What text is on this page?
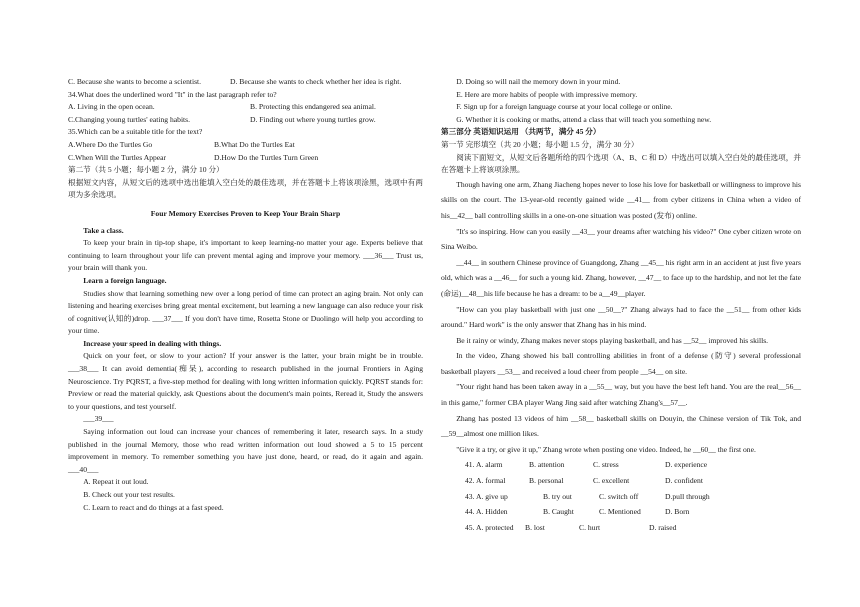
C. Because she wants to become a scientist.	D. Because she wants to check whether her idea is right.

34.What does the underlined word "It" in the last paragraph refer to?

A. Living in the open ocean.	B. Protecting this endangered sea animal.
C.Changing young turtles' eating habits.	D. Finding out where young turtles grow.

35.Which can be a suitable title for the text?

A.Where Do the Turtles Go	B.What Do the Turtles Eat
C.When Will the Turtles Appear	D.How Do the Turtles Turn Green

第二节（共 5 小题；每小题 2 分，满分 10 分）

根据短文内容，从短文后的选项中选出能填入空白处的最佳选项，并在答题卡上将该项涂黑，选项中有两项为多余选项。

Four Memory Exercises Proven to Keep Your Brain Sharp

Take a class.

To keep your brain in tip-top shape, it's important to keep learning-no matter your age. Experts believe that continuing to learn throughout your life can prevent mental aging and improve your memory. ___36___ Trust us, your brain will thank you.

Learn a foreign language.

Studies show that learning something new over a long period of time can protect an aging brain. Not only can listening and hearing exercises bring great mental excitement, but learning a new language can also reduce your risk of cognitive(认知的)drop. ___37___ If you don't have time, Rosetta Stone or Duolingo will help you according to your time.

Increase your speed in dealing with things.

Quick on your feet, or slow to your action? If your answer is the latter, your brain might be in trouble. ___38___ It can avoid dementia(痴呆), according to research published in the journal Frontiers in Aging Neuroscience. Try PQRST, a five-step method for dealing with long written information quickly. PQRST stands for: Preview or read the material quickly, ask Questions about the document's main points, Reread it, Study the answers to your questions, and test yourself.

___39___

Saying information out loud can increase your chances of remembering it later, research says. In a study published in the journal Memory, those who read written information out loud showed a 5 to 15 percent improvement in memory. To remember something you have just done, heard, or read, do it again and again. ___40___

A. Repeat it out loud.

B. Check out your test results.

C. Learn to react and do things at a fast speed.

D. Doing so will nail the memory down in your mind.

E. Here are more habits of people with impressive memory.

F. Sign up for a foreign language course at your local college or online.

G. Whether it is cooking or maths, attend a class that will teach you something new.

第三部分 英语知识运用 （共两节，满分 45 分）

第一节 完形填空（共 20 小题；每小题 1.5 分，满分 30 分）

阅读下面短文，从短文后各题所给的四个选项（A、B、C 和 D）中选出可以填入空白处的最佳选项，并在答题卡上将该项涂黑。

Though having one arm, Zhang Jiacheng hopes never to lose his love for basketball or willingness to improve his skills on the court. The 13-year-old recently gained wide __41__ from cyber citizens in China when a video of his__42__ ball controlling skills in a one-on-one situation was posted (发布) online.

"It's so inspiring. How can you easily __43__ your dreams after watching his video?" One cyber citizen wrote on Sina Weibo.

__44__ in southern Chinese province of Guangdong, Zhang __45__ his right arm in an accident at just five years old, which was a __46__ for such a young kid. Zhang, however, __47__ to face up to the hardship, and not let the fate (命运)__48__his life because he has a dream: to be a__49__player.

"How can you play basketball with just one __50__?" Zhang always had to face the __51__ from other kids around." Hard work" is the only answer that Zhang has in his mind.

Be it rainy or windy, Zhang makes never stops playing basketball, and has __52__ improved his skills.

In the video, Zhang showed his ball controlling abilities in front of a defense (防守) several professional basketball players __53__ and received a loud cheer from people __54__ on site.

"Your right hand has been taken away in a __55__ way, but you have the best left hand. You are the real__56__ in this game," former CBA player Wang Jing said after watching Zhang's__57__.

Zhang has posted 13 videos of him __58__ basketball skills on Douyin, the Chinese version of Tik Tok, and __59__almost one million likes.

"Give it a try, or give it up," Zhang wrote when posting one video. Indeed, he __60__ the first one.

41. A. alarm	B. attention	C. stress	D. experience
42. A. formal	B. personal	C. excellent	D. confident
43. A. give up	B. try out	C. switch off	D.pull through
44. A. Hidden	B. Caught	C. Mentioned	D. Born
45. A. protected	B. lost	C. hurt	D. raised
